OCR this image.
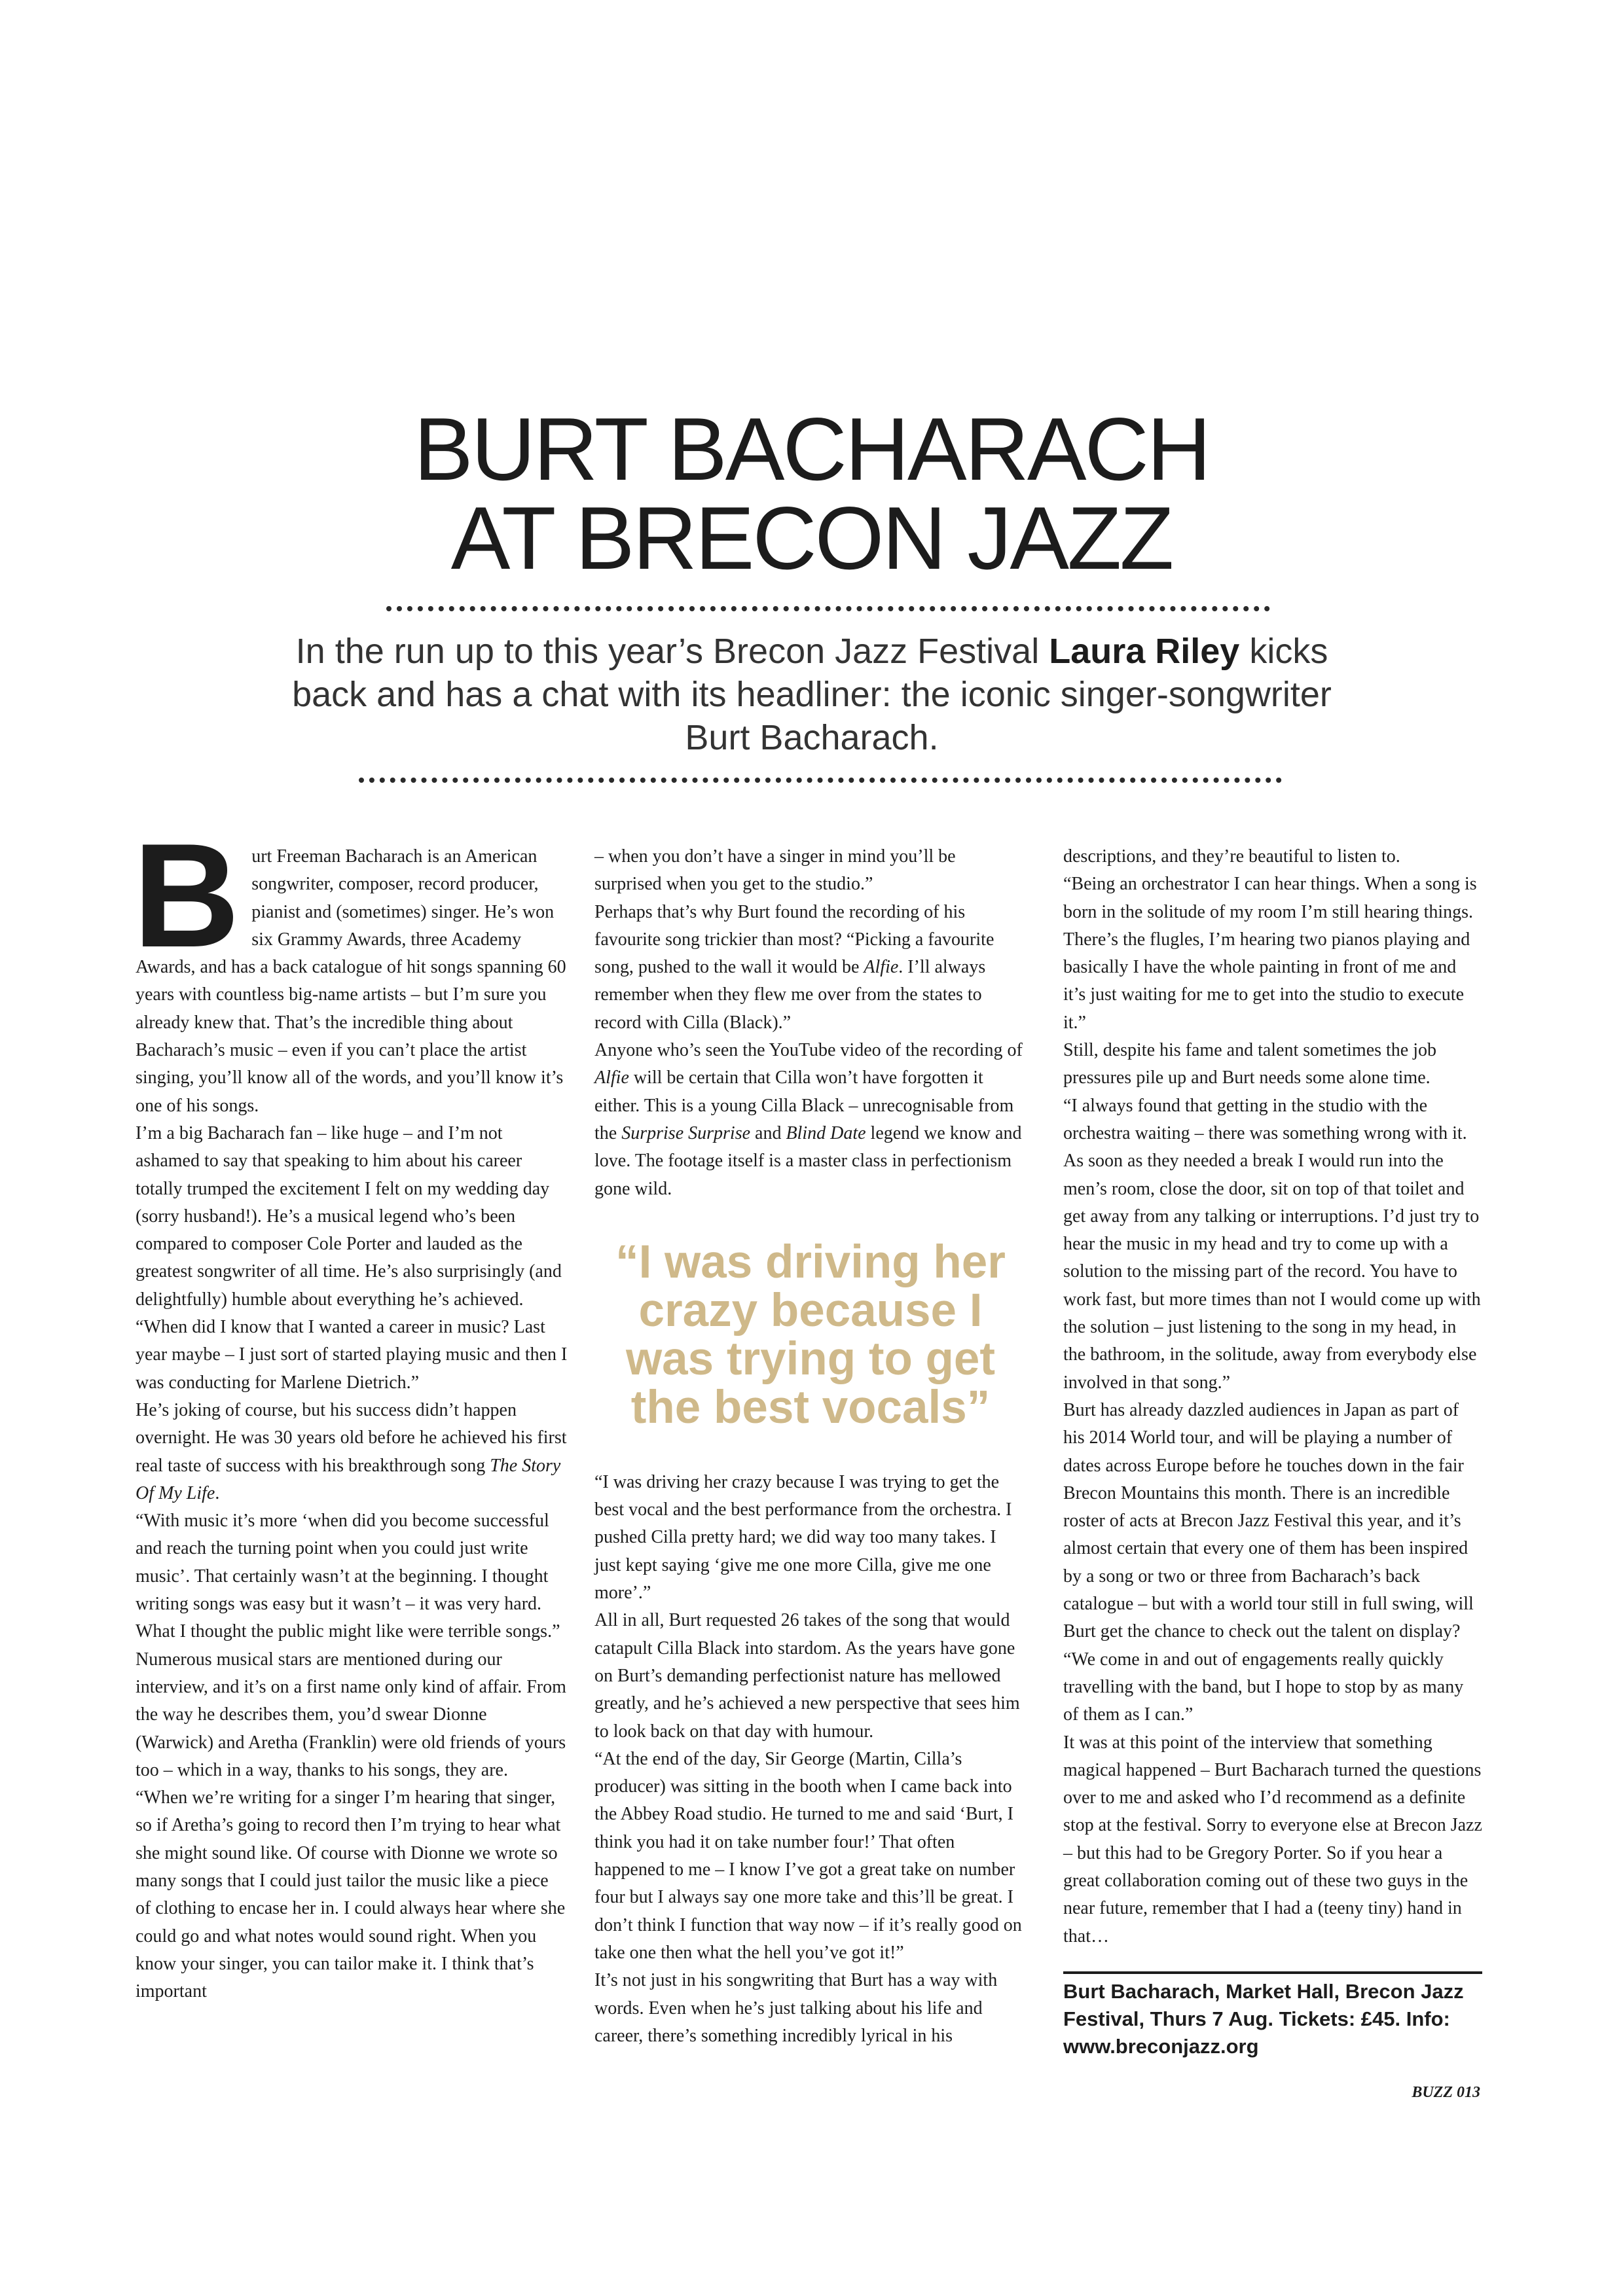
BURT BACHARACH
AT BRECON JAZZ

In the run up to this year’s Brecon Jazz Festival Laura Riley kicks back and has a chat with its headliner: the iconic singer-songwriter Burt Bacharach.

B urt Freeman Bacharach is an American songwriter, composer, record producer, pianist and (sometimes) singer. He’s won six Grammy Awards, three Academy Awards, and has a back catalogue of hit songs spanning 60 years with countless big-name artists – but I’m sure you already knew that. That’s the incredible thing about Bacharach’s music – even if you can’t place the artist singing, you’ll know all of the words, and you’ll know it’s one of his songs.

I’m a big Bacharach fan – like huge – and I’m not ashamed to say that speaking to him about his career totally trumped the excitement I felt on my wedding day (sorry husband!). He’s a musical legend who’s been compared to composer Cole Porter and lauded as the greatest songwriter of all time. He’s also surprisingly (and delightfully) humble about everything he’s achieved.

“When did I know that I wanted a career in music? Last year maybe – I just sort of started playing music and then I was conducting for Marlene Dietrich.”

He’s joking of course, but his success didn’t happen overnight. He was 30 years old before he achieved his first real taste of success with his breakthrough song The Story Of My Life.

“With music it’s more ‘when did you become successful and reach the turning point when you could just write music’. That certainly wasn’t at the beginning. I thought writing songs was easy but it wasn’t – it was very hard. What I thought the public might like were terrible songs.”

Numerous musical stars are mentioned during our interview, and it’s on a first name only kind of affair. From the way he describes them, you’d swear Dionne (Warwick) and Aretha (Franklin) were old friends of yours too – which in a way, thanks to his songs, they are.

“When we’re writing for a singer I’m hearing that singer, so if Aretha’s going to record then I’m trying to hear what she might sound like. Of course with Dionne we wrote so many songs that I could just tailor the music like a piece of clothing to encase her in. I could always hear where she could go and what notes would sound right. When you know your singer, you can tailor make it. I think that’s important

– when you don’t have a singer in mind you’ll be surprised when you get to the studio.”

Perhaps that’s why Burt found the recording of his favourite song trickier than most? “Picking a favourite song, pushed to the wall it would be Alfie. I’ll always remember when they flew me over from the states to record with Cilla (Black).”

Anyone who’s seen the YouTube video of the recording of Alfie will be certain that Cilla won’t have forgotten it either. This is a young Cilla Black – unrecognisable from the Surprise Surprise and Blind Date legend we know and love. The footage itself is a master class in perfectionism gone wild.

“I was driving her crazy because I was trying to get the best vocals”

“I was driving her crazy because I was trying to get the best vocal and the best performance from the orchestra. I pushed Cilla pretty hard; we did way too many takes. I just kept saying ‘give me one more Cilla, give me one more’.”

All in all, Burt requested 26 takes of the song that would catapult Cilla Black into stardom. As the years have gone on Burt’s demanding perfectionist nature has mellowed greatly, and he’s achieved a new perspective that sees him to look back on that day with humour.

“At the end of the day, Sir George (Martin, Cilla’s producer) was sitting in the booth when I came back into the Abbey Road studio. He turned to me and said ‘Burt, I think you had it on take number four!’ That often happened to me – I know I’ve got a great take on number four but I always say one more take and this’ll be great. I don’t think I function that way now – if it’s really good on take one then what the hell you’ve got it!”

It’s not just in his songwriting that Burt has a way with words. Even when he’s just talking about his life and career, there’s something incredibly lyrical in his

descriptions, and they’re beautiful to listen to.

“Being an orchestrator I can hear things. When a song is born in the solitude of my room I’m still hearing things. There’s the flugles, I’m hearing two pianos playing and basically I have the whole painting in front of me and it’s just waiting for me to get into the studio to execute it.”

Still, despite his fame and talent sometimes the job pressures pile up and Burt needs some alone time.

“I always found that getting in the studio with the orchestra waiting – there was something wrong with it. As soon as they needed a break I would run into the men’s room, close the door, sit on top of that toilet and get away from any talking or interruptions. I’d just try to hear the music in my head and try to come up with a solution to the missing part of the record. You have to work fast, but more times than not I would come up with the solution – just listening to the song in my head, in the bathroom, in the solitude, away from everybody else involved in that song.”

Burt has already dazzled audiences in Japan as part of his 2014 World tour, and will be playing a number of dates across Europe before he touches down in the fair Brecon Mountains this month. There is an incredible roster of acts at Brecon Jazz Festival this year, and it’s almost certain that every one of them has been inspired by a song or two or three from Bacharach’s back catalogue – but with a world tour still in full swing, will Burt get the chance to check out the talent on display?

“We come in and out of engagements really quickly travelling with the band, but I hope to stop by as many of them as I can.”

It was at this point of the interview that something magical happened – Burt Bacharach turned the questions over to me and asked who I’d recommend as a definite stop at the festival. Sorry to everyone else at Brecon Jazz – but this had to be Gregory Porter. So if you hear a great collaboration coming out of these two guys in the near future, remember that I had a (teeny tiny) hand in that…

Burt Bacharach, Market Hall, Brecon Jazz Festival, Thurs 7 Aug. Tickets: £45. Info: www.breconjazz.org
BUZZ 013
